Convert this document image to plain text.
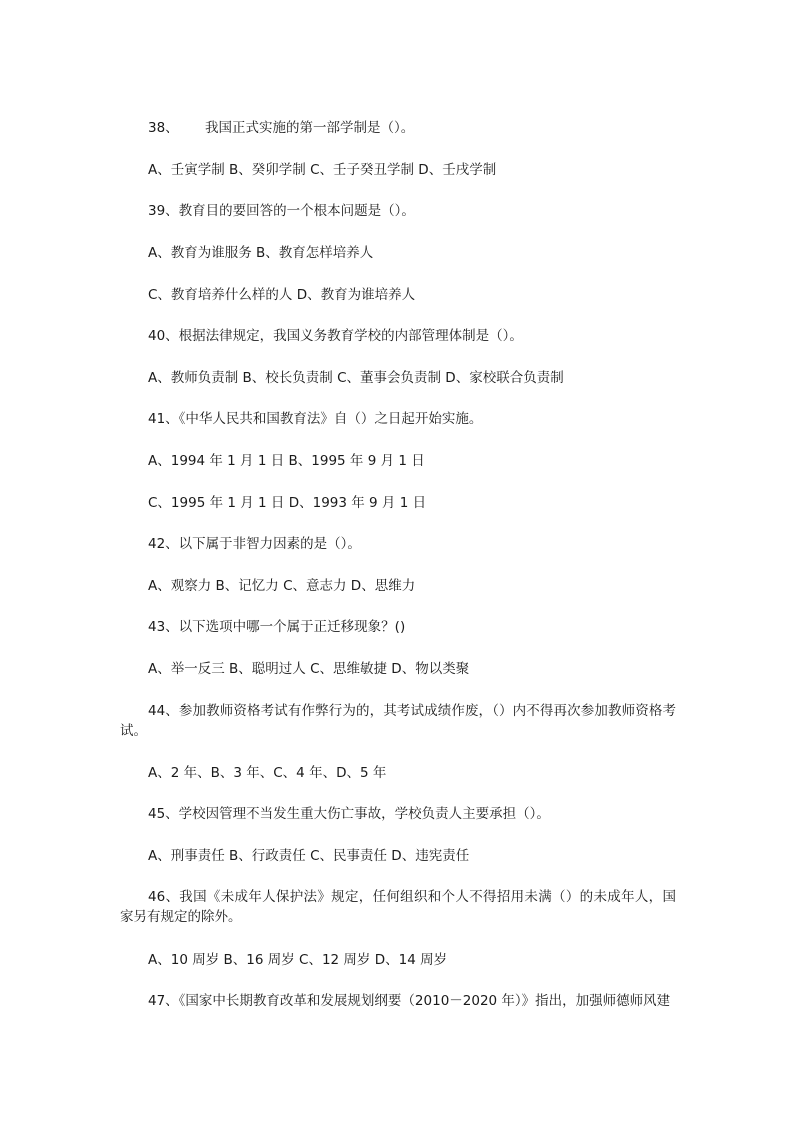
38、 我国正式实施的第一部学制是（）。
A、壬寅学制 B、癸卯学制 C、壬子癸丑学制 D、壬戌学制
39、教育目的要回答的一个根本问题是（）。
A、教育为谁服务 B、教育怎样培养人
C、教育培养什么样的人 D、教育为谁培养人
40、根据法律规定，我国义务教育学校的内部管理体制是（）。
A、教师负责制 B、校长负责制 C、董事会负责制 D、家校联合负责制
41、《中华人民共和国教育法》自（）之日起开始实施。
A、1994 年 1 月 1 日 B、1995 年 9 月 1 日
C、1995 年 1 月 1 日 D、1993 年 9 月 1 日
42、以下属于非智力因素的是（）。
A、观察力 B、记忆力 C、意志力 D、思维力
43、以下选项中哪一个属于正迁移现象？()
A、举一反三 B、聪明过人 C、思维敏捷 D、物以类聚
44、参加教师资格考试有作弊行为的，其考试成绩作废，（）内不得再次参加教师资格考试。
A、2 年、B、3 年、C、4 年、D、5 年
45、学校因管理不当发生重大伤亡事故，学校负责人主要承担（）。
A、刑事责任 B、行政责任 C、民事责任 D、违宪责任
46、我国《未成年人保护法》规定，任何组织和个人不得招用未满（）的未成年人，国家另有规定的除外。
A、10 周岁 B、16 周岁 C、12 周岁 D、14 周岁
47、《国家中长期教育改革和发展规划纲要（2010－2020 年）》指出，加强师德师风建
